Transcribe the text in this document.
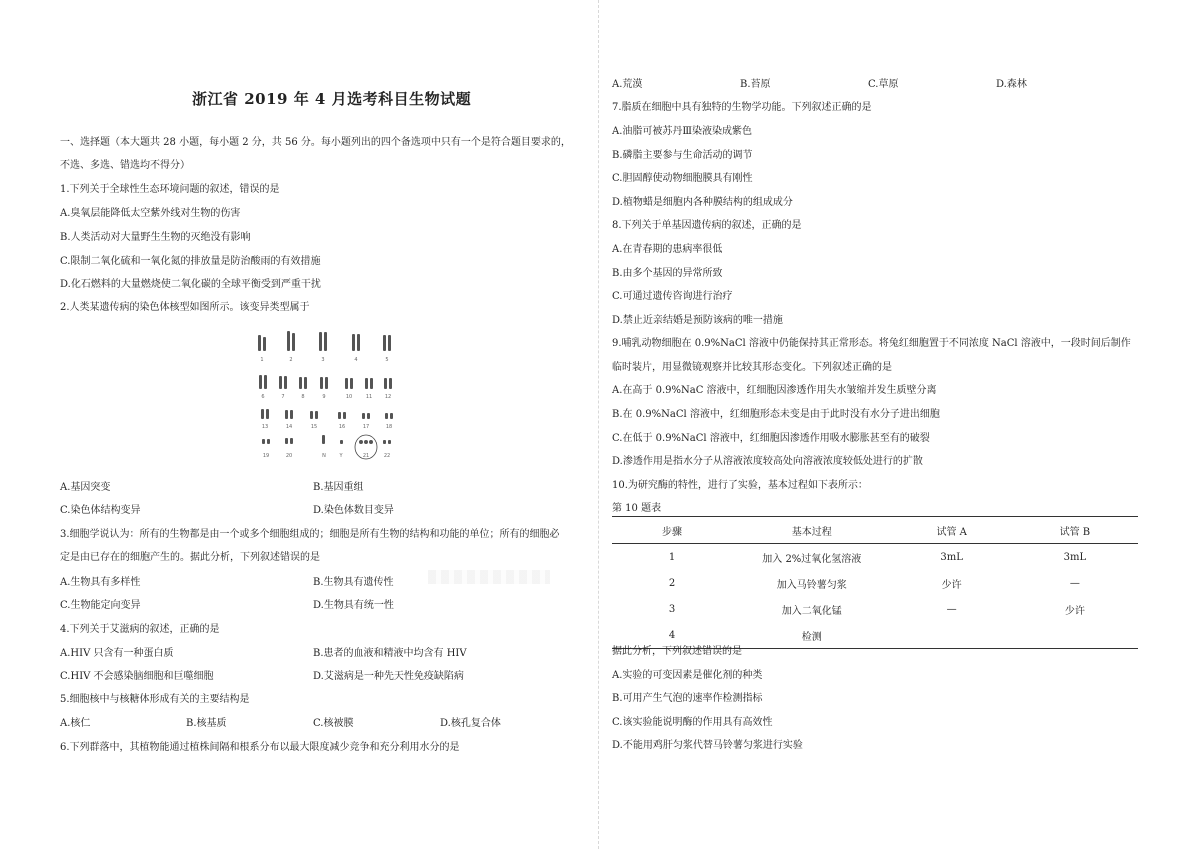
浙江省 2019 年 4 月选考科目生物试题
一、选择题（本大题共 28 小题，每小题 2 分，共 56 分。每小题列出的四个备选项中只有一个是符合题目要求的，
不选、多选、错选均不得分）
1.下列关于全球性生态环境问题的叙述，错误的是
A.臭氧层能降低太空紫外线对生物的伤害
B.人类活动对大量野生生物的灭绝没有影响
C.限制二氧化硫和一氧化氮的排放量是防治酸雨的有效措施
D.化石燃料的大量燃烧使二氧化碳的全球平衡受到严重干扰
2.人类某遗传病的染色体核型如图所示。该变异类型属于
1	2	3	4	5
6	7	8	9	10	11	12
13	14	15	16	17	18
19	20	N	Y	21	22
A.基因突变	B.基因重组
C.染色体结构变异	D.染色体数目变异
3.细胞学说认为：所有的生物都是由一个或多个细胞组成的；细胞是所有生物的结构和功能的单位；所有的细胞必
定是由已存在的细胞产生的。据此分析，下列叙述错误的是
A.生物具有多样性	B.生物具有遗传性
C.生物能定向变异	D.生物具有统一性
4.下列关于艾滋病的叙述，正确的是
A.HIV 只含有一种蛋白质	B.患者的血液和精液中均含有 HIV
C.HIV 不会感染脑细胞和巨噬细胞	D.艾滋病是一种先天性免疫缺陷病
5.细胞核中与核糖体形成有关的主要结构是
A.核仁	B.核基质	C.核被膜	D.核孔复合体
6.下列群落中，其植物能通过植株间隔和根系分布以最大限度减少竞争和充分利用水分的是
A.荒漠	B.苔原	C.草原	D.森林
7.脂质在细胞中具有独特的生物学功能。下列叙述正确的是
A.油脂可被苏丹Ⅲ染液染成紫色
B.磷脂主要参与生命活动的调节
C.胆固醇使动物细胞膜具有刚性
D.植物蜡是细胞内各种膜结构的组成成分
8.下列关于单基因遗传病的叙述，正确的是
A.在青春期的患病率很低
B.由多个基因的异常所致
C.可通过遗传咨询进行治疗
D.禁止近亲结婚是预防该病的唯一措施
9.哺乳动物细胞在 0.9%NaCl 溶液中仍能保持其正常形态。将兔红细胞置于不同浓度 NaCl 溶液中，一段时间后制作
临时装片，用显微镜观察并比较其形态变化。下列叙述正确的是
A.在高于 0.9%NaC 溶液中，红细胞因渗透作用失水皱缩并发生质壁分离
B.在 0.9%NaCl 溶液中，红细胞形态未变是由于此时没有水分子进出细胞
C.在低于 0.9%NaCl 溶液中，红细胞因渗透作用吸水膨胀甚至有的破裂
D.渗透作用是指水分子从溶液浓度较高处向溶液浓度较低处进行的扩散
10.为研究酶的特性，进行了实验，基本过程如下表所示：
第 10 题表
步骤	基本过程	试管 A	试管 B
1	加入 2%过氧化氢溶液	3mL	3mL
2	加入马铃薯匀浆	少许	—
3	加入二氧化锰	—	少许
4	检测		
据此分析，下列叙述错误的是
A.实验的可变因素是催化剂的种类
B.可用产生气泡的速率作检测指标
C.该实验能说明酶的作用具有高效性
D.不能用鸡肝匀浆代替马铃薯匀浆进行实验
